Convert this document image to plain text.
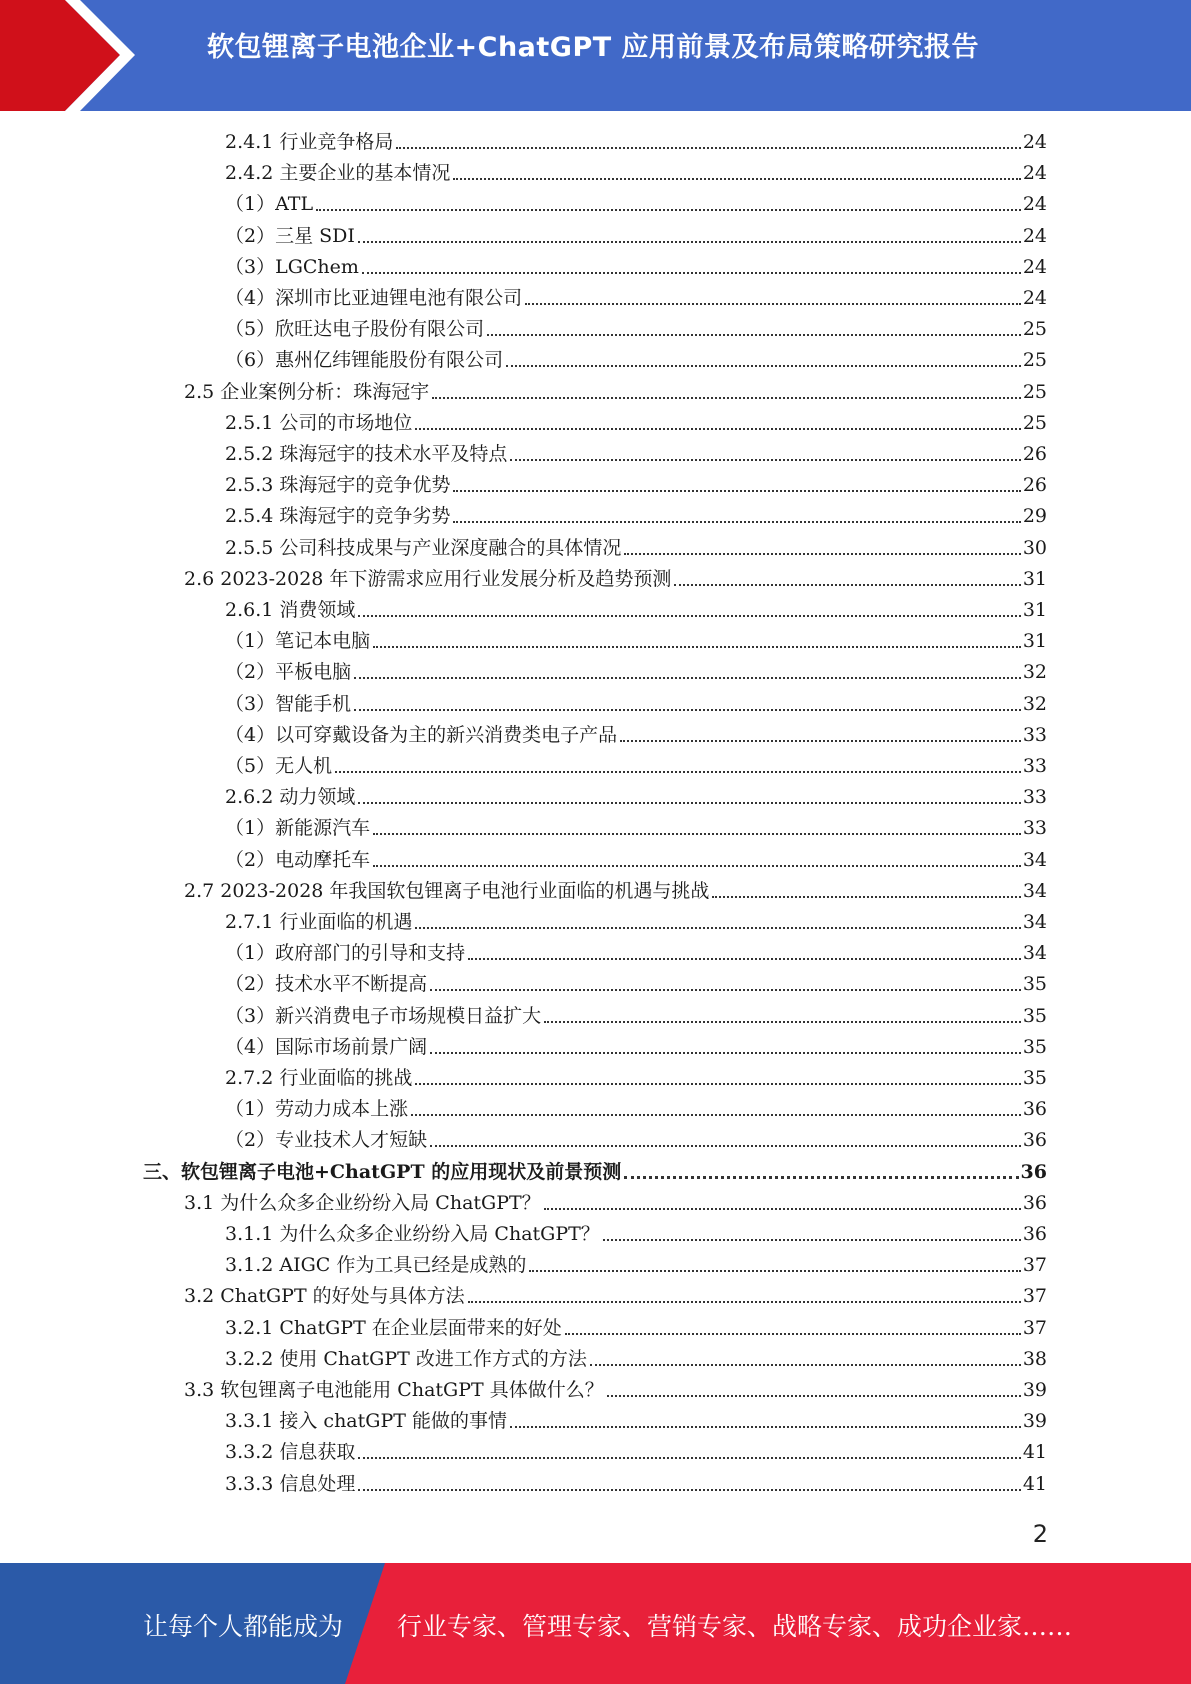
软包锂离子电池企业+ChatGPT 应用前景及布局策略研究报告
2.4.1 行业竞争格局	24
2.4.2 主要企业的基本情况	24
（1）ATL	24
（2）三星 SDI	24
（3）LGChem	24
（4）深圳市比亚迪锂电池有限公司	24
（5）欣旺达电子股份有限公司	25
（6）惠州亿纬锂能股份有限公司	25
2.5 企业案例分析：珠海冠宇	25
2.5.1 公司的市场地位	25
2.5.2 珠海冠宇的技术水平及特点	26
2.5.3 珠海冠宇的竞争优势	26
2.5.4 珠海冠宇的竞争劣势	29
2.5.5 公司科技成果与产业深度融合的具体情况	30
2.6 2023-2028 年下游需求应用行业发展分析及趋势预测	31
2.6.1 消费领域	31
（1）笔记本电脑	31
（2）平板电脑	32
（3）智能手机	32
（4）以可穿戴设备为主的新兴消费类电子产品	33
（5）无人机	33
2.6.2 动力领域	33
（1）新能源汽车	33
（2）电动摩托车	34
2.7 2023-2028 年我国软包锂离子电池行业面临的机遇与挑战	34
2.7.1 行业面临的机遇	34
（1）政府部门的引导和支持	34
（2）技术水平不断提高	35
（3）新兴消费电子市场规模日益扩大	35
（4）国际市场前景广阔	35
2.7.2 行业面临的挑战	35
（1）劳动力成本上涨	36
（2）专业技术人才短缺	36
三、软包锂离子电池+ChatGPT 的应用现状及前景预测	36
3.1 为什么众多企业纷纷入局 ChatGPT？	36
3.1.1 为什么众多企业纷纷入局 ChatGPT？	36
3.1.2 AIGC 作为工具已经是成熟的	37
3.2 ChatGPT 的好处与具体方法	37
3.2.1 ChatGPT 在企业层面带来的好处	37
3.2.2 使用 ChatGPT 改进工作方式的方法	38
3.3 软包锂离子电池能用 ChatGPT 具体做什么？	39
3.3.1 接入 chatGPT 能做的事情	39
3.3.2 信息获取	41
3.3.3 信息处理	41
2
让每个人都能成为 行业专家、管理专家、营销专家、战略专家、成功企业家……
